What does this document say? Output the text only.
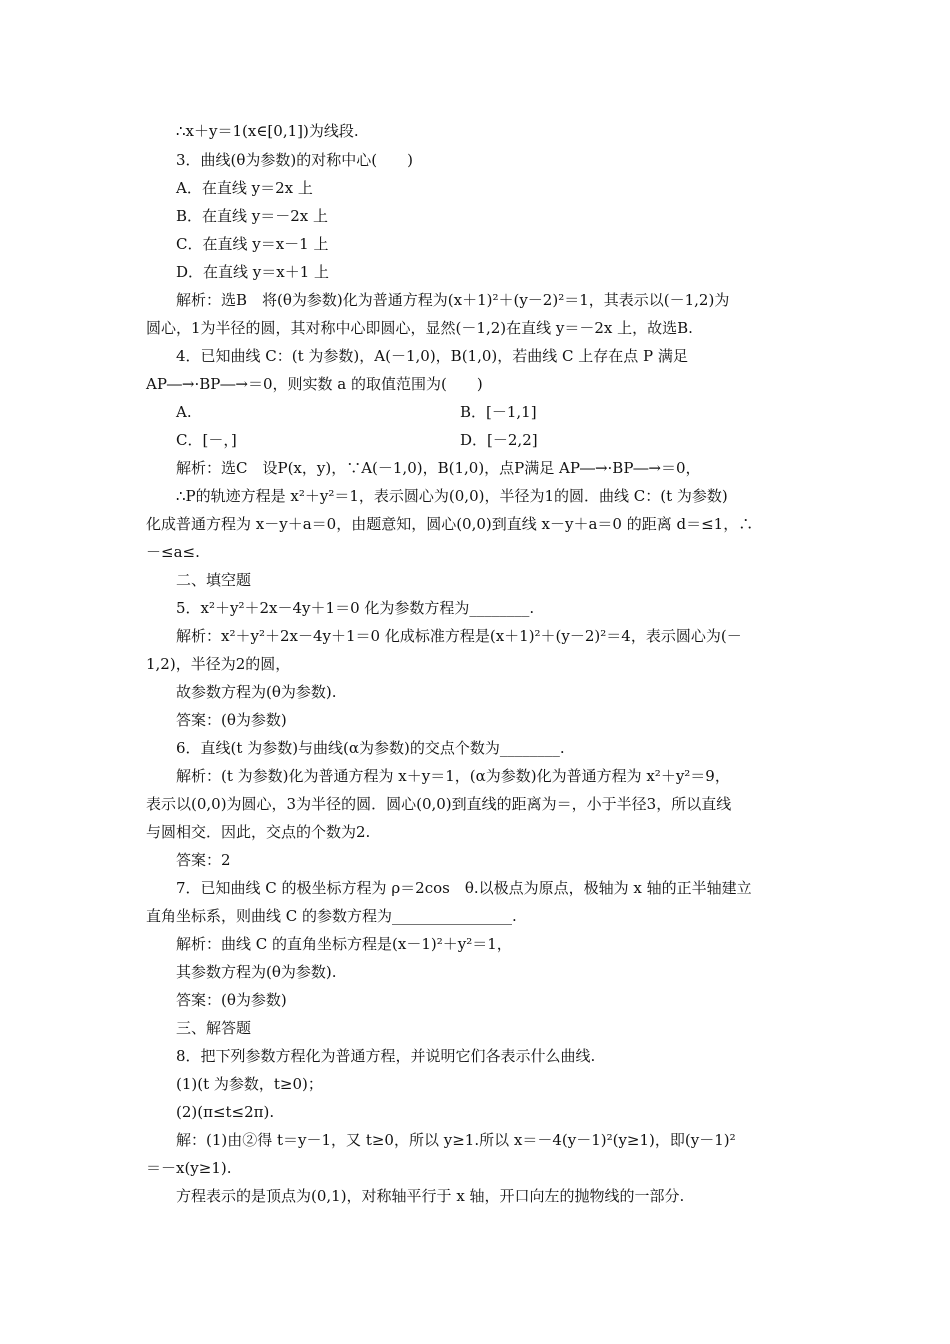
∴x＋y＝1(x∈[0,1])为线段.
3．曲线(θ为参数)的对称中心(　　)
A．在直线 y＝2x 上
B．在直线 y＝－2x 上
C．在直线 y＝x－1 上
D．在直线 y＝x＋1 上
解析：选B　将(θ为参数)化为普通方程为(x＋1)²＋(y－2)²＝1，其表示以(－1,2)为
圆心，1为半径的圆，其对称中心即圆心，显然(－1,2)在直线 y＝－2x 上，故选B.
4．已知曲线 C：(t 为参数)，A(－1,0)，B(1,0)，若曲线 C 上存在点 P 满足
AP―→·BP―→＝0，则实数 a 的取值范围为(　　)
A.	B．[－1,1]
C．[－，]	D．[－2,2]
解析：选C　设P(x，y)，∵A(－1,0)，B(1,0)，点P满足 AP―→·BP―→＝0，
∴P的轨迹方程是 x²＋y²＝1，表示圆心为(0,0)，半径为1的圆．曲线 C：(t 为参数)
化成普通方程为 x－y＋a＝0，由题意知，圆心(0,0)到直线 x－y＋a＝0 的距离 d＝≤1，∴
－≤a≤.
二、填空题
5．x²＋y²＋2x－4y＋1＝0 化为参数方程为________.
解析：x²＋y²＋2x－4y＋1＝0 化成标准方程是(x＋1)²＋(y－2)²＝4，表示圆心为(－
1,2)，半径为2的圆，
故参数方程为(θ为参数).
答案：(θ为参数)
6．直线(t 为参数)与曲线(α为参数)的交点个数为________.
解析：(t 为参数)化为普通方程为 x＋y＝1，(α为参数)化为普通方程为 x²＋y²＝9，
表示以(0,0)为圆心，3为半径的圆．圆心(0,0)到直线的距离为＝，小于半径3，所以直线
与圆相交．因此，交点的个数为2.
答案：2
7．已知曲线 C 的极坐标方程为 ρ＝2cos　θ.以极点为原点，极轴为 x 轴的正半轴建立
直角坐标系，则曲线 C 的参数方程为________________.
解析：曲线 C 的直角坐标方程是(x－1)²＋y²＝1，
其参数方程为(θ为参数).
答案：(θ为参数)
三、解答题
8．把下列参数方程化为普通方程，并说明它们各表示什么曲线.
(1)(t 为参数，t≥0)；
(2)(π≤t≤2π).
解：(1)由②得 t＝y－1，又 t≥0，所以 y≥1.所以 x＝－4(y－1)²(y≥1)，即(y－1)²
＝－x(y≥1).
方程表示的是顶点为(0,1)，对称轴平行于 x 轴，开口向左的抛物线的一部分.
